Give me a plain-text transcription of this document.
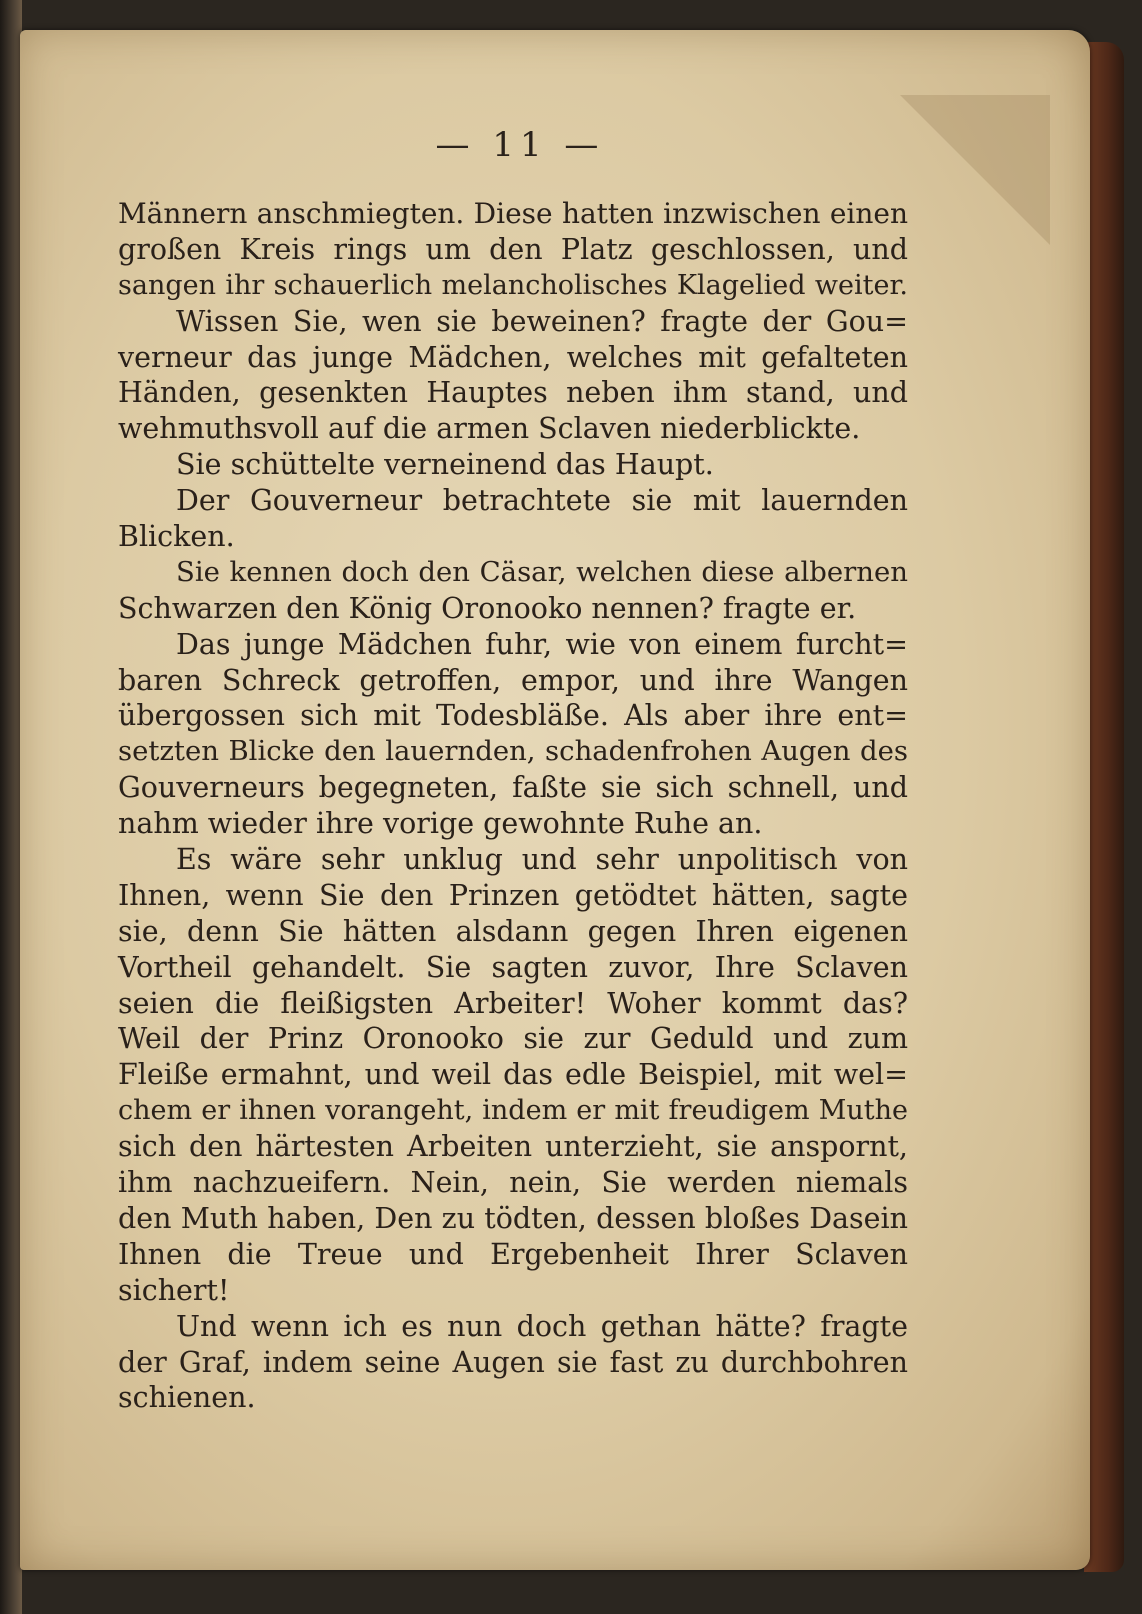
— 11 —
Männern anschmiegten. Diese hatten inzwischen einen
großen Kreis rings um den Platz geschlossen, und
sangen ihr schauerlich melancholisches Klagelied weiter.
Wissen Sie, wen sie beweinen? fragte der Gou=
verneur das junge Mädchen, welches mit gefalteten
Händen, gesenkten Hauptes neben ihm stand, und
wehmuthsvoll auf die armen Sclaven niederblickte.
Sie schüttelte verneinend das Haupt.
Der Gouverneur betrachtete sie mit lauernden
Blicken.
Sie kennen doch den Cäsar, welchen diese albernen
Schwarzen den König Oronooko nennen? fragte er.
Das junge Mädchen fuhr, wie von einem furcht=
baren Schreck getroffen, empor, und ihre Wangen
übergossen sich mit Todesbläße. Als aber ihre ent=
setzten Blicke den lauernden, schadenfrohen Augen des
Gouverneurs begegneten, faßte sie sich schnell, und
nahm wieder ihre vorige gewohnte Ruhe an.
Es wäre sehr unklug und sehr unpolitisch von
Ihnen, wenn Sie den Prinzen getödtet hätten, sagte
sie, denn Sie hätten alsdann gegen Ihren eigenen
Vortheil gehandelt. Sie sagten zuvor, Ihre Sclaven
seien die fleißigsten Arbeiter! Woher kommt das?
Weil der Prinz Oronooko sie zur Geduld und zum
Fleiße ermahnt, und weil das edle Beispiel, mit wel=
chem er ihnen vorangeht, indem er mit freudigem Muthe
sich den härtesten Arbeiten unterzieht, sie anspornt,
ihm nachzueifern. Nein, nein, Sie werden niemals
den Muth haben, Den zu tödten, dessen bloßes Dasein
Ihnen die Treue und Ergebenheit Ihrer Sclaven
sichert!
Und wenn ich es nun doch gethan hätte? fragte
der Graf, indem seine Augen sie fast zu durchbohren
schienen.
